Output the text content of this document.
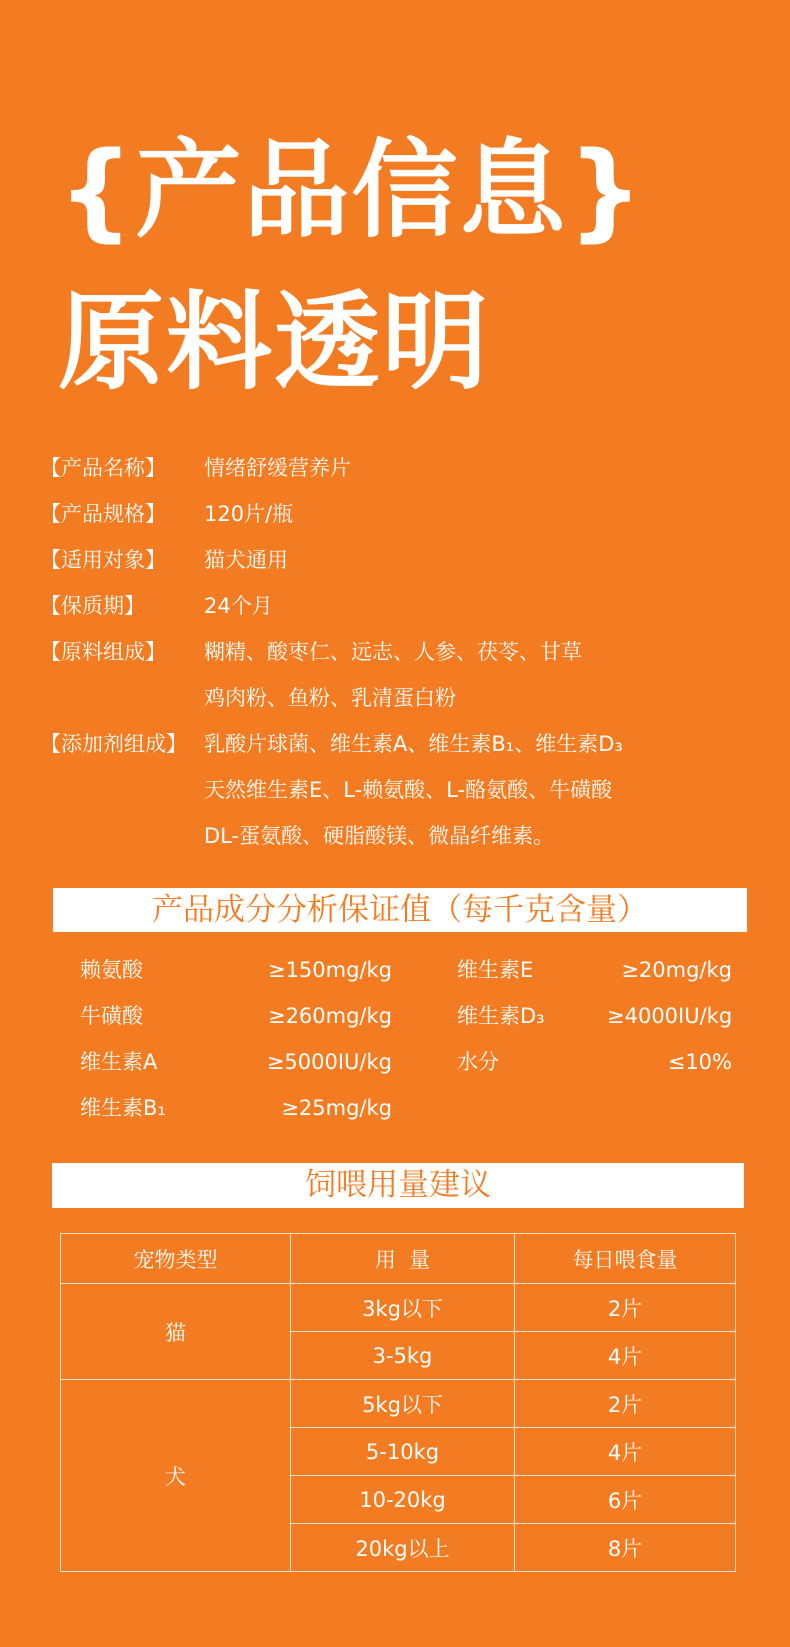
{产品信息}
原料透明
【产品名称】	情绪舒缓营养片
【产品规格】	120片/瓶
【适用对象】	猫犬通用
【保质期】	24个月
【原料组成】	糊精、酸枣仁、远志、人参、茯苓、甘草
鸡肉粉、鱼粉、乳清蛋白粉
【添加剂组成】 乳酸片球菌、维生素A、维生素B₁、维生素D₃
天然维生素E、L-赖氨酸、L-酪氨酸、牛磺酸
DL-蛋氨酸、硬脂酸镁、微晶纤维素。
产品成分分析保证值（每千克含量）
赖氨酸	≥150mg/kg	维生素E	≥20mg/kg
牛磺酸	≥260mg/kg	维生素D₃	≥4000IU/kg
维生素A	≥5000IU/kg	水分	≤10%
维生素B₁	≥25mg/kg
饲喂用量建议
宠物类型	用  量	每日喂食量
猫	3kg以下	2片
	3-5kg	4片
犬	5kg以下	2片
	5-10kg	4片
	10-20kg	6片
	20kg以上	8片
